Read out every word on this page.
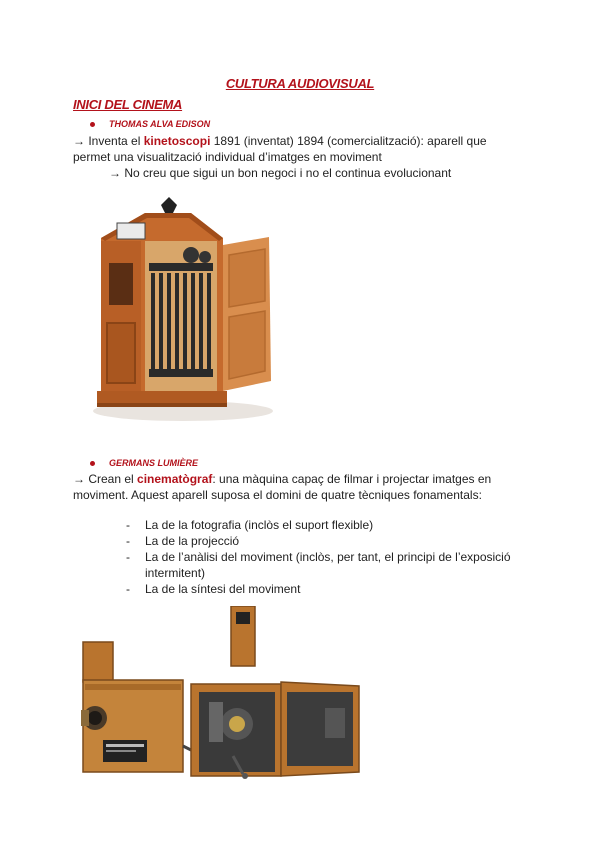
CULTURA AUDIOVISUAL
INICI DEL CINEMA
THOMAS ALVA EDISON
→ Inventa el kinetoscopi 1891 (inventat) 1894 (comercialització): aparell que
permet una visualització individual d’imatges en moviment
→ No creu que sigui un bon negoci i no el continua evolucionant
GERMANS LUMIÈRE
→ Crean el cinematògraf: una màquina capaç de filmar i projectar imatges en
moviment. Aquest aparell suposa el domini de quatre tècniques fonamentals:
- La de la fotografia (inclòs el suport flexible)
- La de la projecció
- La de l’anàlisi del moviment (inclòs, per tant, el principi de l’exposició intermitent)
- La de la síntesi del moviment
